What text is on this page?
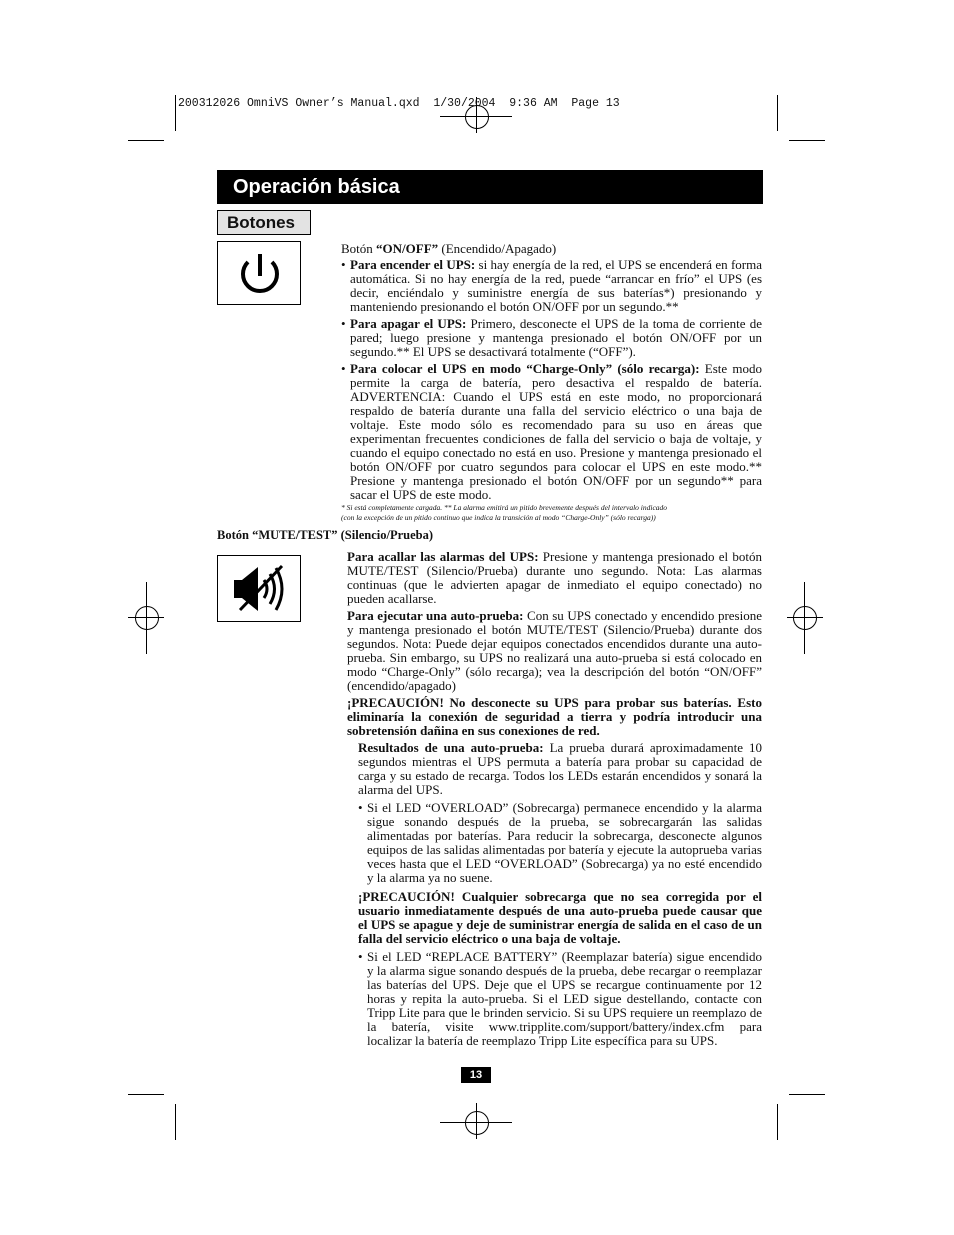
200312026 OmniVS Owner’s Manual.qxd  1/30/2004  9:36 AM  Page 13
Operación básica
Botones

Botón “ON/OFF” (Encendido/Apagado)

• Para encender el UPS: si hay energía de la red, el UPS se encenderá en forma automática. Si no hay energía de la red, puede “arrancar en frío” el UPS (es decir, enciéndalo y suministre energía de sus baterías*) presionando y manteniendo presionando el botón ON/OFF por un segundo.**
• Para apagar el UPS: Primero, desconecte el UPS de la toma de corriente de pared; luego presione y mantenga presionado el botón ON/OFF por un segundo.** El UPS se desactivará totalmente (“OFF”).
• Para colocar el UPS en modo “Charge-Only” (sólo recarga): Este modo permite la carga de batería, pero desactiva el respaldo de batería. ADVERTENCIA: Cuando el UPS está en este modo, no proporcionará respaldo de batería durante una falla del servicio eléctrico o una baja de voltaje. Este modo sólo es recomendado para su uso en áreas que experimentan frecuentes condiciones de falla del servicio o baja de voltaje, y cuando el equipo conectado no está en uso. Presione y mantenga presionado el botón ON/OFF por cuatro segundos para colocar el UPS en este modo.** Presione y mantenga presionado el botón ON/OFF por un segundo** para sacar el UPS de este modo.
* Si está completamente cargada. ** La alarma emitirá un pitido brevemente después del intervalo indicado
(con la excepción de un pitido continuo que indica la transición al modo “Charge-Only” (sólo recarga))
Botón “MUTE/TEST” (Silencio/Prueba)

Para acallar las alarmas del UPS: Presione y mantenga presionado el botón MUTE/TEST (Silencio/Prueba) durante uno segundo. Nota: Las alarmas continuas (que le advierten apagar de inmediato el equipo conectado) no pueden acallarse.

Para ejecutar una auto-prueba: Con su UPS conectado y encendido presione y mantenga presionado el botón MUTE/TEST (Silencio/Prueba) durante dos segundos. Nota: Puede dejar equipos conectados encendidos durante una auto-prueba. Sin embargo, su UPS no realizará una auto-prueba si está colocado en modo “Charge-Only” (sólo recarga); vea la descripción del botón “ON/OFF” (encendido/apagado)

¡PRECAUCIÓN! No desconecte su UPS para probar sus baterías. Esto eliminaría la conexión de seguridad a tierra y podría introducir una sobretensión dañina en sus conexiones de red.

Resultados de una auto-prueba: La prueba durará aproximadamente 10 segundos mientras el UPS permuta a batería para probar su capacidad de carga y su estado de recarga. Todos los LEDs estarán encendidos y sonará la alarma del UPS.

• Si el LED “OVERLOAD” (Sobrecarga) permanece encendido y la alarma sigue sonando después de la prueba, se sobrecargarán las salidas alimentadas por baterías. Para reducir la sobrecarga, desconecte algunos equipos de las salidas alimentadas por batería y ejecute la autoprueba varias veces hasta que el LED “OVERLOAD” (Sobrecarga) ya no esté encendido y la alarma ya no suene.

¡PRECAUCIÓN! Cualquier sobrecarga que no sea corregida por el usuario inmediatamente después de una auto-prueba puede causar que el UPS se apague y deje de suministrar energía de salida en el caso de un falla del servicio eléctrico o una baja de voltaje.

• Si el LED “REPLACE BATTERY” (Reemplazar batería) sigue encendido y la alarma sigue sonando después de la prueba, debe recargar o reemplazar las baterías del UPS. Deje que el UPS se recargue continuamente por 12 horas y repita la auto-prueba. Si el LED sigue destellando, contacte con Tripp Lite para que le brinden servicio. Si su UPS requiere un reemplazo de la batería, visite www.tripplite.com/support/battery/index.cfm para localizar la batería de reemplazo Tripp Lite específica para su UPS.
13
